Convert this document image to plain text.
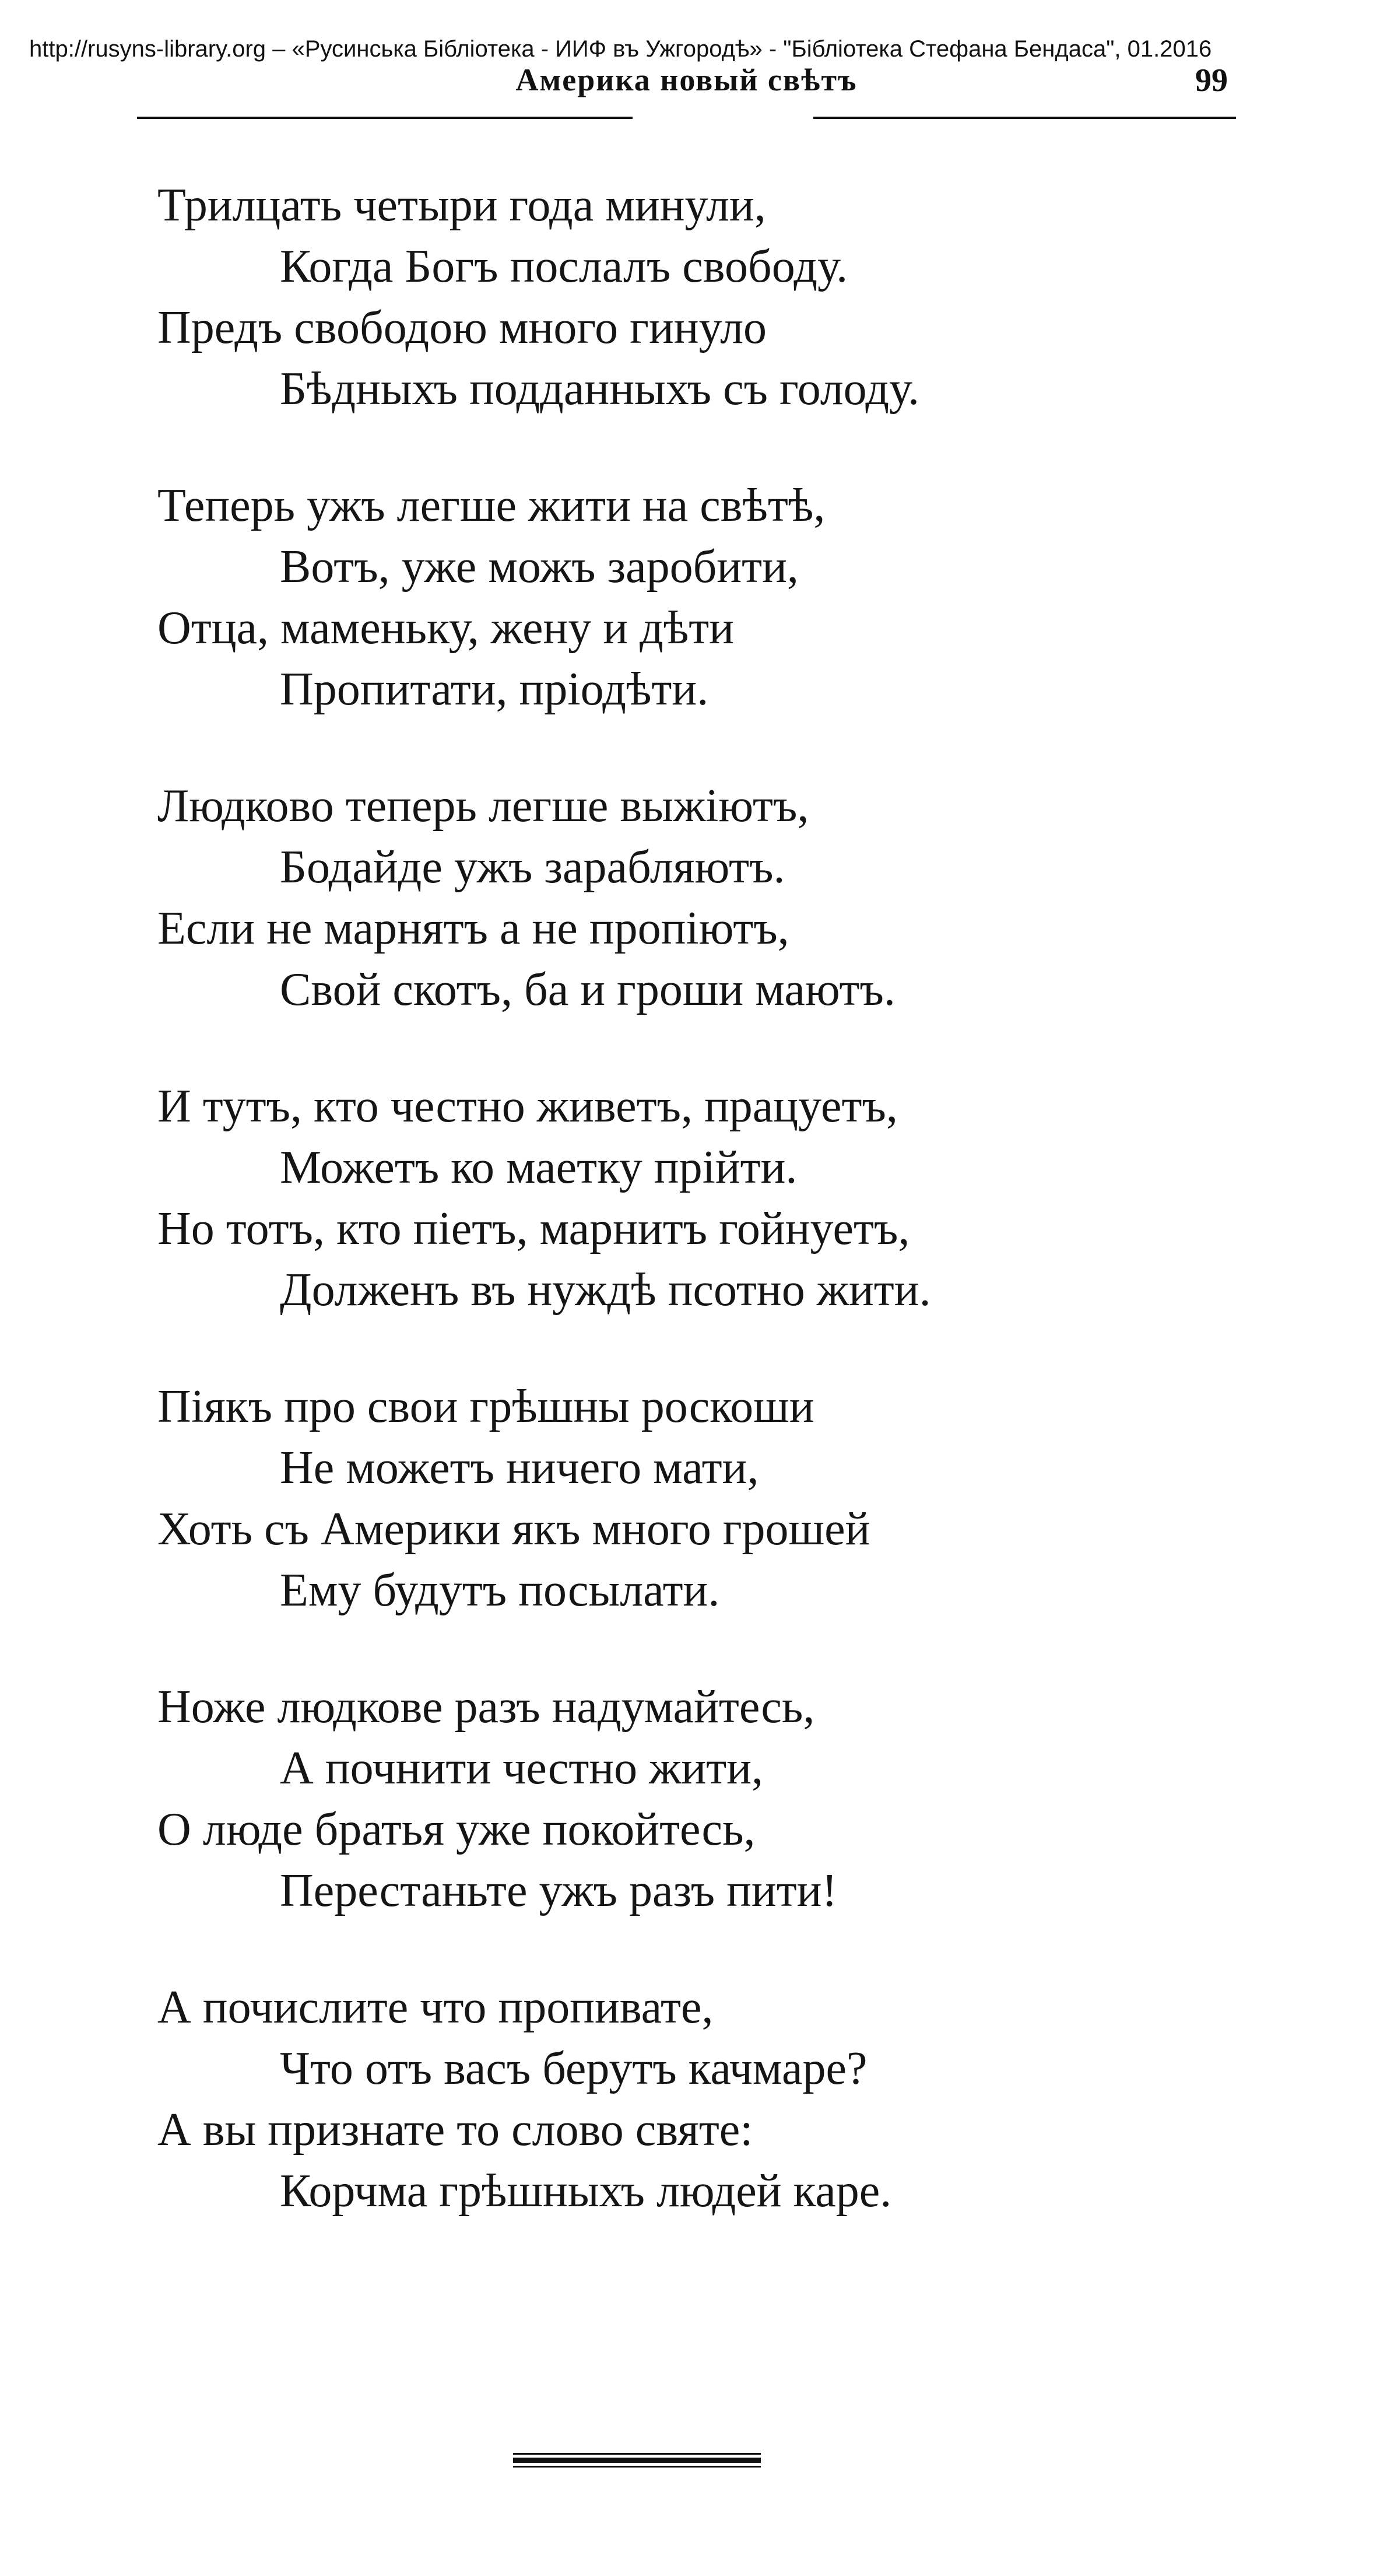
http://rusyns-library.org – «Русинська Бібліотека - ИИФ въ Ужгородѣ» - "Бібліотека Стефана Бендаса", 01.2016
Америка новый свѣтъ	99
Трилцать четыри года минули,
Когда Богъ пoслалъ свободу.
Предъ свободою много гинуло
Бѣдныхъ подданныхъ съ голоду.
Теперь ужъ легше жити на свѣтѣ,
Вотъ, уже можъ заробити,
Отца, маменьку, жену и дѣти
Пропитати, пріодѣти.
Людково теперь легше выжіютъ,
Бодайде ужъ зарабляютъ.
Если не марнятъ а не пропіютъ,
Свой скотъ, ба и гроши маютъ.
И тутъ, кто честно живетъ, працуетъ,
Можетъ ко маетку прійти.
Но тотъ, кто піетъ, марнитъ гойнуетъ,
Долженъ въ нуждѣ псотно жити.
Піякъ про свои грѣшны роскоши
Не можетъ ничего мати,
Хоть съ Америки якъ много грошей
Ему будутъ посылати.
Ноже людкове разъ надумайтесь,
А почнити честно жити,
О люде братья уже покойтесь,
Перестаньте ужъ разъ пити!
А почислите что пропивате,
Что отъ васъ берутъ качмаре?
А вы признате то слово святе:
Корчма грѣшныхъ людей каре.
